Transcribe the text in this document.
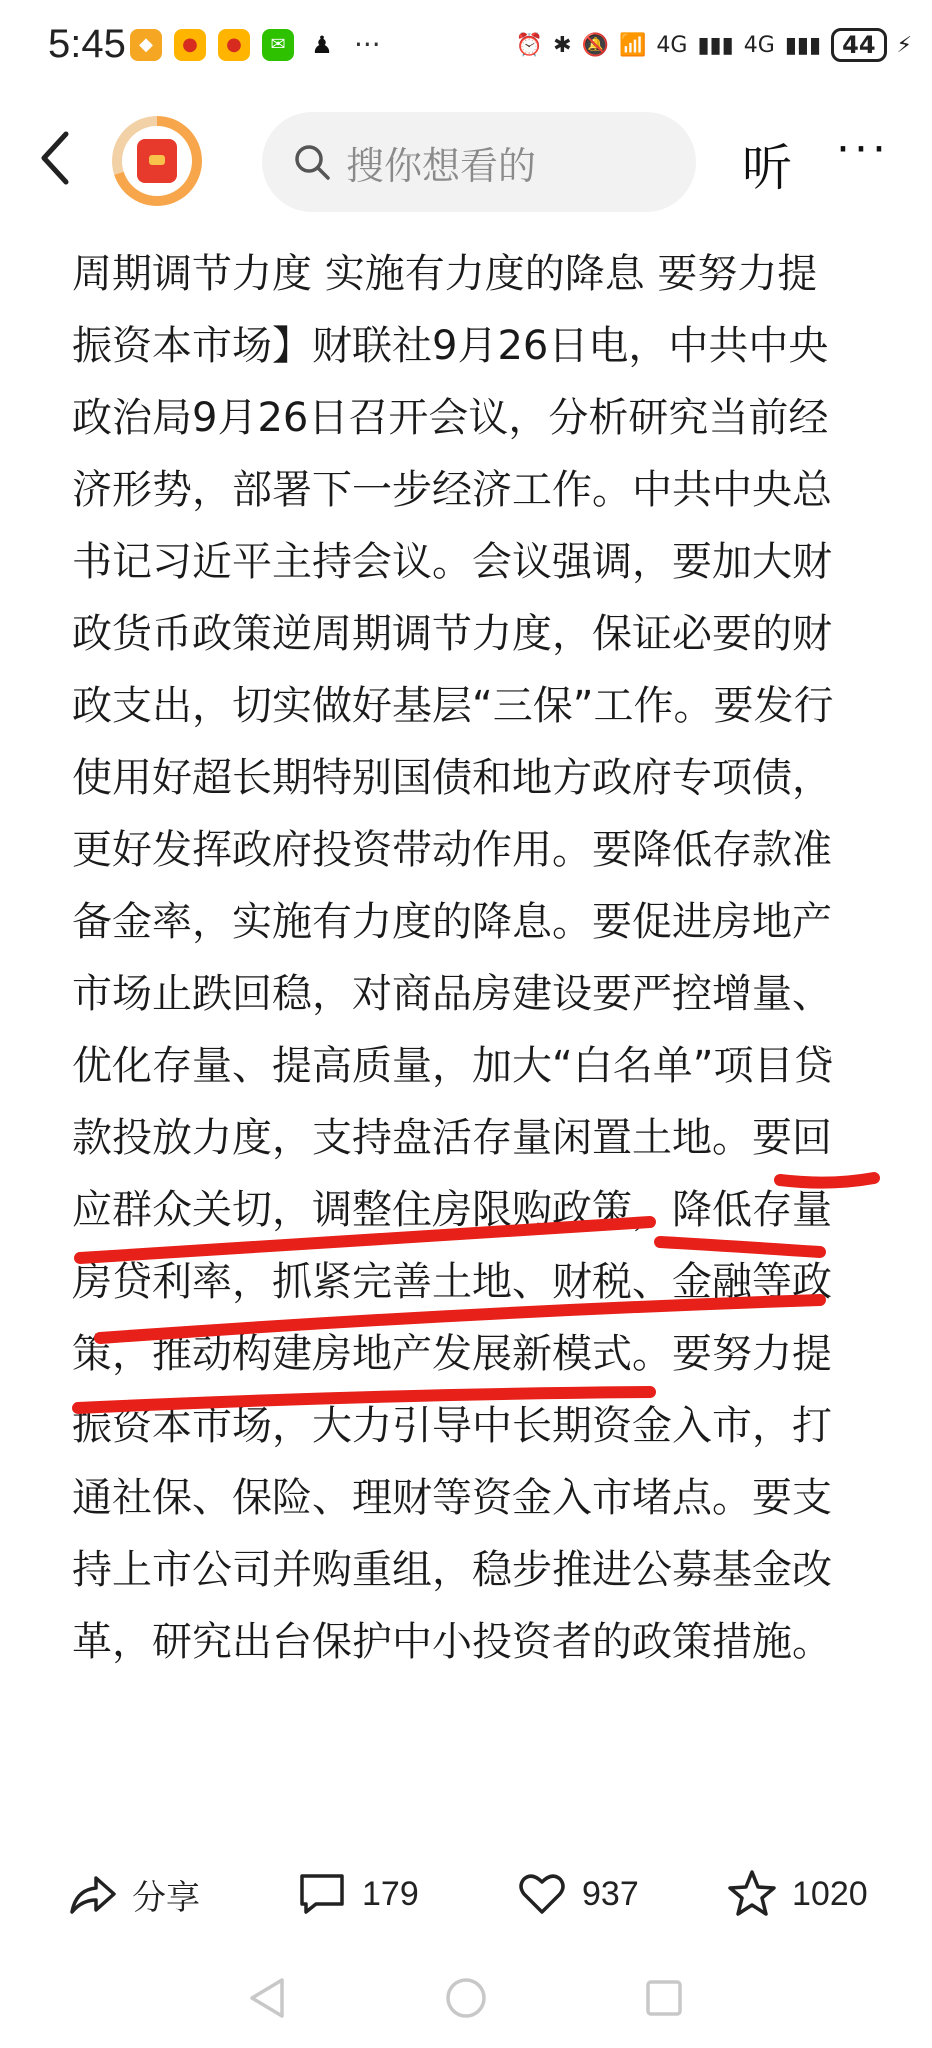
5:45 ◆	● ●	✉	♟ ···	⏰ ✱ 🔕 📶 4G ▮▮▮ 4G ▮▮▮ 44 ⚡
搜你想看的	听 ···
周期调节力度 实施有力度的降息 要努力提
振资本市场】财联社9月26日电，中共中央
政治局9月26日召开会议，分析研究当前经
济形势，部署下一步经济工作。中共中央总
书记习近平主持会议。会议强调，要加大财
政货币政策逆周期调节力度，保证必要的财
政支出，切实做好基层“三保”工作。要发行
使用好超长期特别国债和地方政府专项债，
更好发挥政府投资带动作用。要降低存款准
备金率，实施有力度的降息。要促进房地产
市场止跌回稳，对商品房建设要严控增量、
优化存量、提高质量，加大“白名单”项目贷
款投放力度，支持盘活存量闲置土地。要回
应群众关切，调整住房限购政策，降低存量
房贷利率，抓紧完善土地、财税、金融等政
策，推动构建房地产发展新模式。要努力提
振资本市场，大力引导中长期资金入市，打
通社保、保险、理财等资金入市堵点。要支
持上市公司并购重组，稳步推进公募基金改
革，研究出台保护中小投资者的政策措施。
分享	179	937	1020
